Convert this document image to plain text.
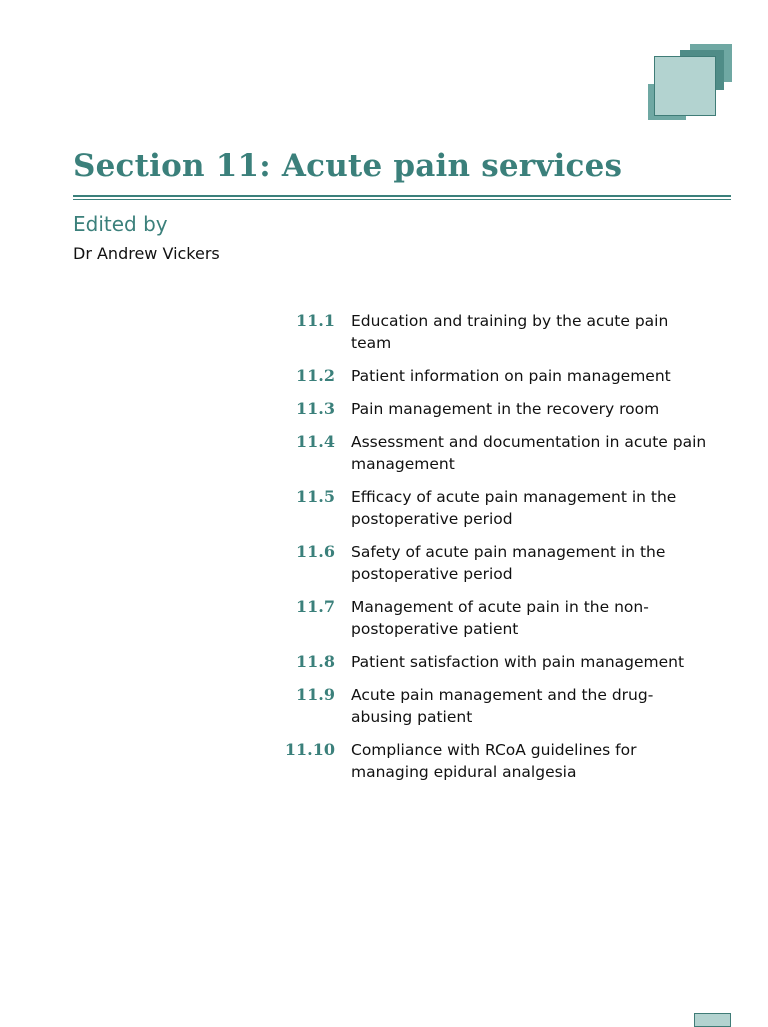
Section 11: Acute pain services
Edited by
Dr Andrew Vickers
11.1 Education and training by the acute pain team
11.2 Patient information on pain management
11.3 Pain management in the recovery room
11.4 Assessment and documentation in acute pain management
11.5 Efficacy of acute pain management in the postoperative period
11.6 Safety of acute pain management in the postoperative period
11.7 Management of acute pain in the non-postoperative patient
11.8 Patient satisfaction with pain management
11.9 Acute pain management and the drug-abusing patient
11.10 Compliance with RCoA guidelines for managing epidural analgesia
